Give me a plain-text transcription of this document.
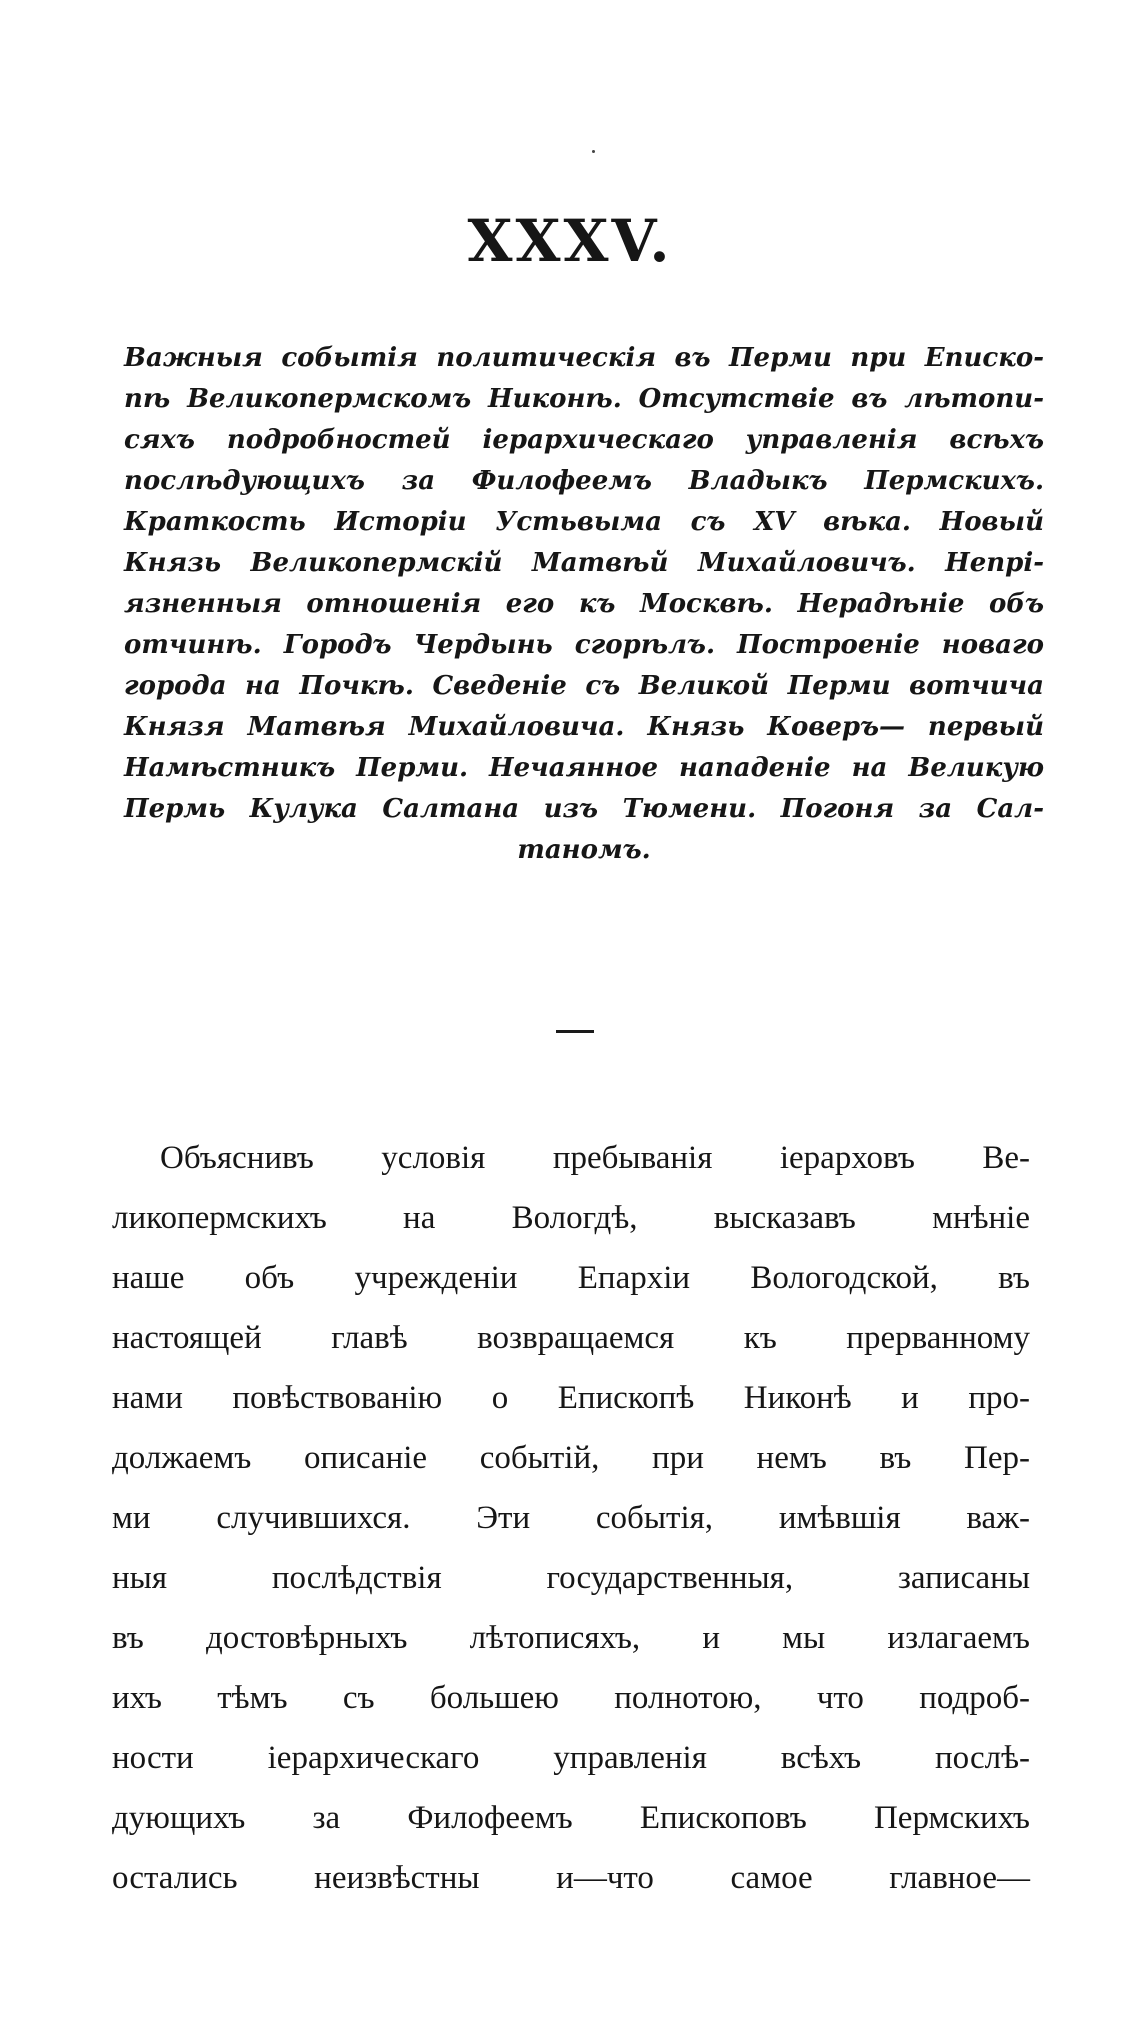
XXXV.
Важныя событія политическія въ Перми при Еписко-
пѣ Великопермскомъ Никонѣ. Отсутствіе въ лѣтопи-
сяхъ подробностей іерархическаго управленія всѣхъ
послѣдующихъ за Филофеемъ Владыкъ Пермскихъ.
Краткость Исторіи Устьвыма съ XV вѣка. Новый
Князь Великопермскій Матвѣй Михайловичъ. Непрі-
язненныя отношенія его къ Москвѣ. Нерадѣніе объ
отчинѣ. Городъ Чердынь сгорѣлъ. Построеніе новаго
города на Почкѣ. Сведеніе съ Великой Перми вотчича
Князя Матвѣя Михайловича. Князь Коверъ— первый
Намѣстникъ Перми. Нечаянное нападеніе на Великую
Пермь Кулука Салтана изъ Тюмени. Погоня за Сал-
таномъ.
Объяснивъ условія пребыванія іерарховъ Ве-
ликопермскихъ на Вологдѣ, высказавъ мнѣніе
наше объ учрежденіи Епархіи Вологодской, въ
настоящей главѣ возвращаемся къ прерванному
нами повѣствованію о Епископѣ Никонѣ и про-
должаемъ описаніе событій, при немъ въ Пер-
ми случившихся. Эти событія, имѣвшія важ-
ныя послѣдствія государственныя, записаны
въ достовѣрныхъ лѣтописяхъ, и мы излагаемъ
ихъ тѣмъ съ большею полнотою, что подроб-
ности іерархическаго управленія всѣхъ послѣ-
дующихъ за Филофеемъ Епископовъ Пермскихъ
остались неизвѣстны и—что самое главное—
